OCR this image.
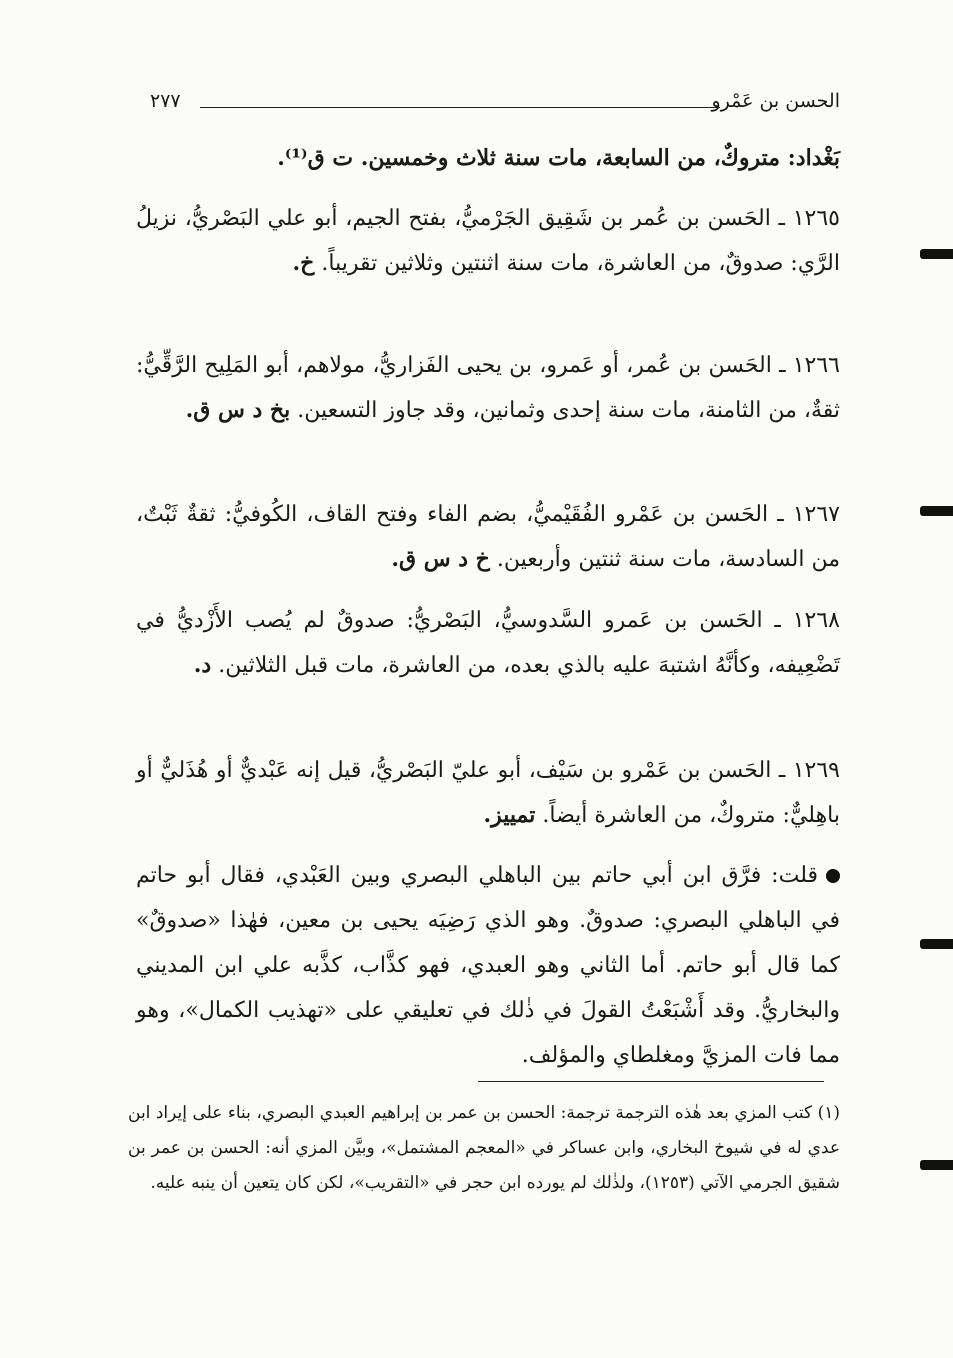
الحسن بن عَمْرو
٢٧٧
بَغْداد: متروكٌ، من السابعة، مات سنة ثلاث وخمسين. ت ق⁽¹⁾.
١٢٦٥ ـ الحَسن بن عُمر بن شَقِيق الجَرْميُّ، بفتح الجيم، أبو علي البَصْريُّ، نزيلُ الرَّي: صدوقٌ، من العاشرة، مات سنة اثنتين وثلاثين تقريباً. خ.
١٢٦٦ ـ الحَسن بن عُمر، أو عَمرو، بن يحيى الفَزاريُّ، مولاهم، أبو المَلِيح الرَّقِّيُّ: ثقةٌ، من الثامنة، مات سنة إحدى وثمانين، وقد جاوز التسعين. بخ د س ق.
١٢٦٧ ـ الحَسن بن عَمْرو الفُقَيْميُّ، بضم الفاء وفتح القاف، الكُوفيُّ: ثقةٌ ثَبْتٌ، من السادسة، مات سنة ثنتين وأربعين. خ د س ق.
١٢٦٨ ـ الحَسن بن عَمرو السَّدوسيُّ، البَصْريُّ: صدوقٌ لم يُصب الأَزْديُّ في تَضْعِيفه، وكأنَّهُ اشتبهَ عليه بالذي بعده، من العاشرة، مات قبل الثلاثين. د.
١٢٦٩ ـ الحَسن بن عَمْرو بن سَيْف، أبو عليّ البَصْريُّ، قيل إنه عَبْديٌّ أو هُذَليٌّ أو باهِليٌّ: متروكٌ، من العاشرة أيضاً. تمييز.
قلت: فرَّق ابن أبي حاتم بين الباهلي البصري وبين العَبْدي، فقال أبو حاتم في الباهلي البصري: صدوقٌ. وهو الذي رَضِيَه يحيى بن معين، فهٰذا «صدوقٌ» كما قال أبو حاتم. أما الثاني وهو العبدي، فهو كذَّاب، كذَّبه علي ابن المديني والبخاريُّ. وقد أَشْبَعْتُ القولَ في ذٰلك في تعليقي على «تهذيب الكمال»، وهو مما فات المزيَّ ومغلطاي والمؤلف.
(١) كتب المزي بعد هٰذه الترجمة ترجمة: الحسن بن عمر بن إبراهيم العبدي البصري، بناء على إيراد ابن عدي له في شيوخ البخاري، وابن عساكر في «المعجم المشتمل»، وبيَّن المزي أنه: الحسن بن عمر بن شقيق الجرمي الآتي (١٢٥٣)، ولذٰلك لم يورده ابن حجر في «التقريب»، لكن كان يتعين أن ينبه عليه.
